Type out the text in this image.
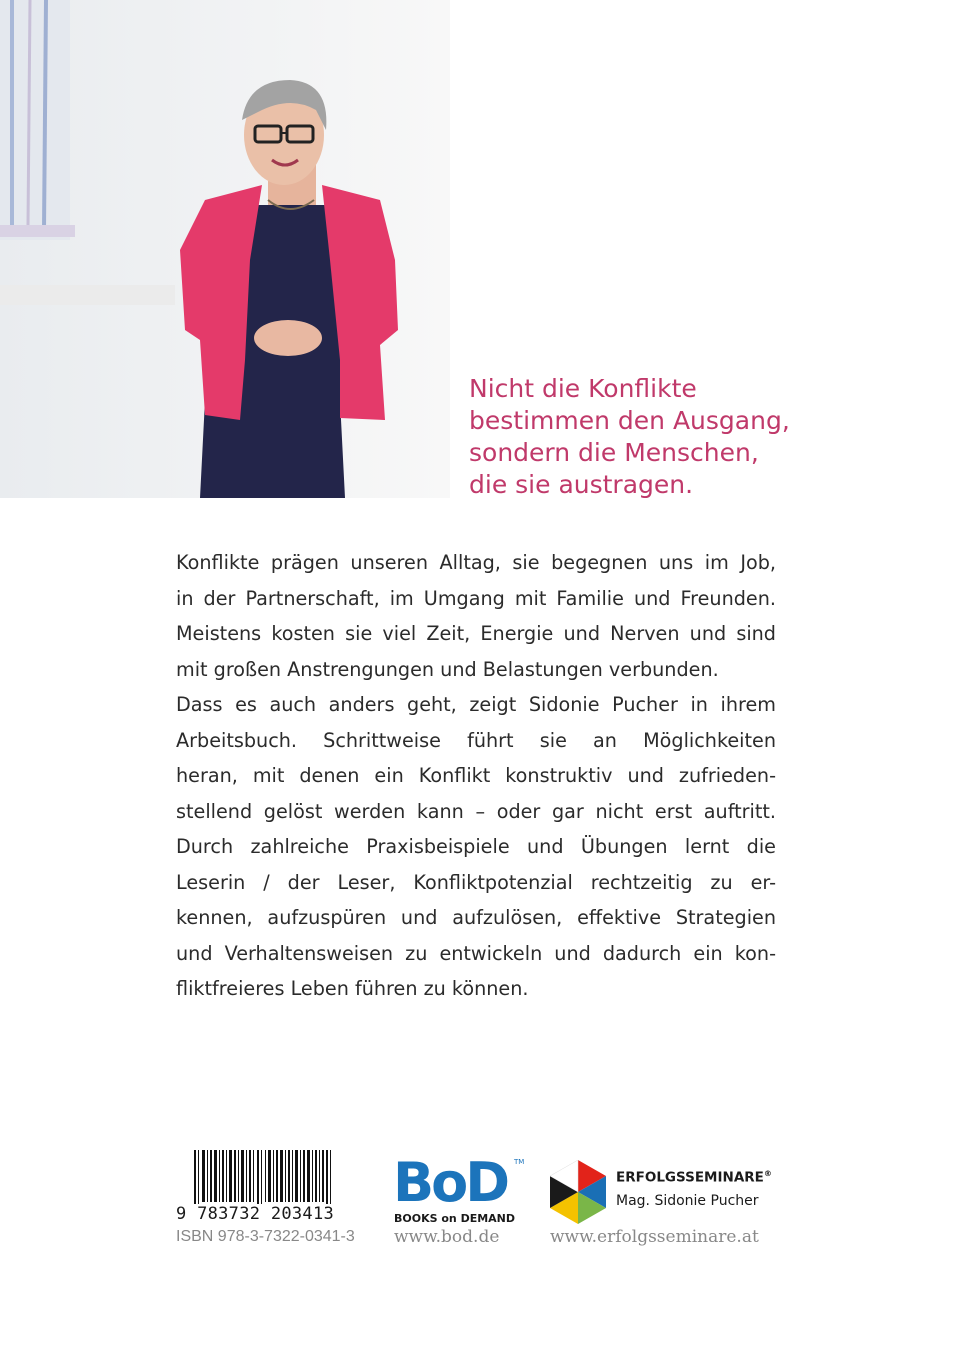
Nicht die Konflikte
bestimmen den Ausgang,
sondern die Menschen,
die sie austragen.
Konflikte prägen unseren Alltag, sie begegnen uns im Job,
in der Partnerschaft, im Umgang mit Familie und Freunden.
Meistens kosten sie viel Zeit, Energie und Nerven und sind
mit großen Anstrengungen und Belastungen verbunden.
Dass es auch anders geht, zeigt Sidonie Pucher in ihrem
Arbeitsbuch. Schrittweise führt sie an Möglichkeiten
heran, mit denen ein Konflikt konstruktiv und zufrieden-
stellend gelöst werden kann – oder gar nicht erst auftritt.
Durch zahlreiche Praxisbeispiele und Übungen lernt die
Leserin / der Leser, Konfliktpotenzial rechtzeitig zu er-
kennen, aufzuspüren und aufzulösen, effektive Strategien
und Verhaltensweisen zu entwickeln und dadurch ein kon-
fliktfreieres Leben führen zu können.
9 783732 203413
ISBN 978-3-7322-0341-3
BoD TM
BOOKS on DEMAND
www.bod.de
ERFOLGSSEMINARE®
Mag. Sidonie Pucher
www.erfolgsseminare.at
